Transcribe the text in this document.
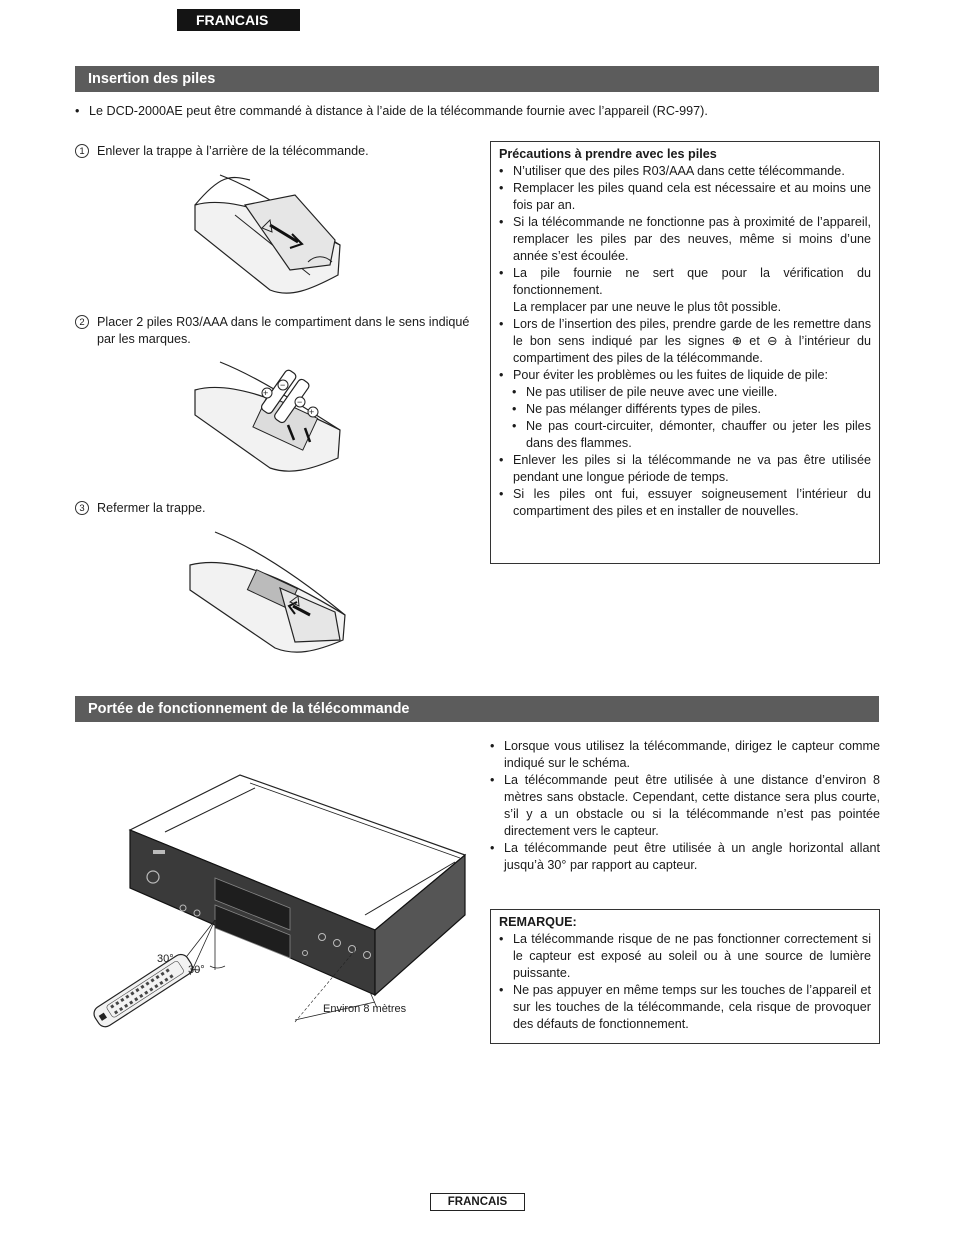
FRANCAIS
Insertion des piles
• Le DCD-2000AE peut être commandé à distance à l’aide de la télécommande fournie avec l’appareil (RC-997).
1 Enlever la trappe à l’arrière de la télécommande.
2 Placer 2 piles R03/AAA dans le compartiment dans le sens indiqué par les marques.
+
−
−
+
3 Refermer la trappe.
Précautions à prendre avec les piles
• N’utiliser que des piles R03/AAA dans cette télécommande.
• Remplacer les piles quand cela est nécessaire et au moins une fois par an.
• Si la télécommande ne fonctionne pas à proximité de l’appareil, remplacer les piles par des neuves, même si moins d’une année s’est écoulée.
• La pile fournie ne sert que pour la vérification du fonctionnement.
La remplacer par une neuve le plus tôt possible.
• Lors de l’insertion des piles, prendre garde de les remettre dans le bon sens indiqué par les signes ⊕ et ⊖ à l’intérieur du compartiment des piles de la télécommande.
• Pour éviter les problèmes ou les fuites de liquide de pile:
• Ne pas utiliser de pile neuve avec une vieille.
• Ne pas mélanger différents types de piles.
• Ne pas court-circuiter, démonter, chauffer ou jeter les piles dans des flammes.
• Enlever les piles si la télécommande ne va pas être utilisée pendant une longue période de temps.
• Si les piles ont fui, essuyer soigneusement l’intérieur du compartiment des piles et en installer de nouvelles.
Portée de fonctionnement de la télécommande
• Lorsque vous utilisez la télécommande, dirigez le capteur comme indiqué sur le schéma.
• La télécommande peut être utilisée à une distance d’environ 8 mètres sans obstacle. Cependant, cette distance sera plus courte, s’il y a un obstacle ou si la télécommande n’est pas pointée directement vers le capteur.
• La télécommande peut être utilisée à un angle horizontal allant jusqu’à 30° par rapport au capteur.
REMARQUE:
• La télécommande risque de ne pas fonctionner correctement si le capteur est exposé au soleil ou à une source de lumière puissante.
• Ne pas appuyer en même temps sur les touches de l’appareil et sur les touches de la télécommande, cela risque de provoquer des défauts de fonctionnement.
30°
30°
Environ 8 mètres
FRANCAIS
